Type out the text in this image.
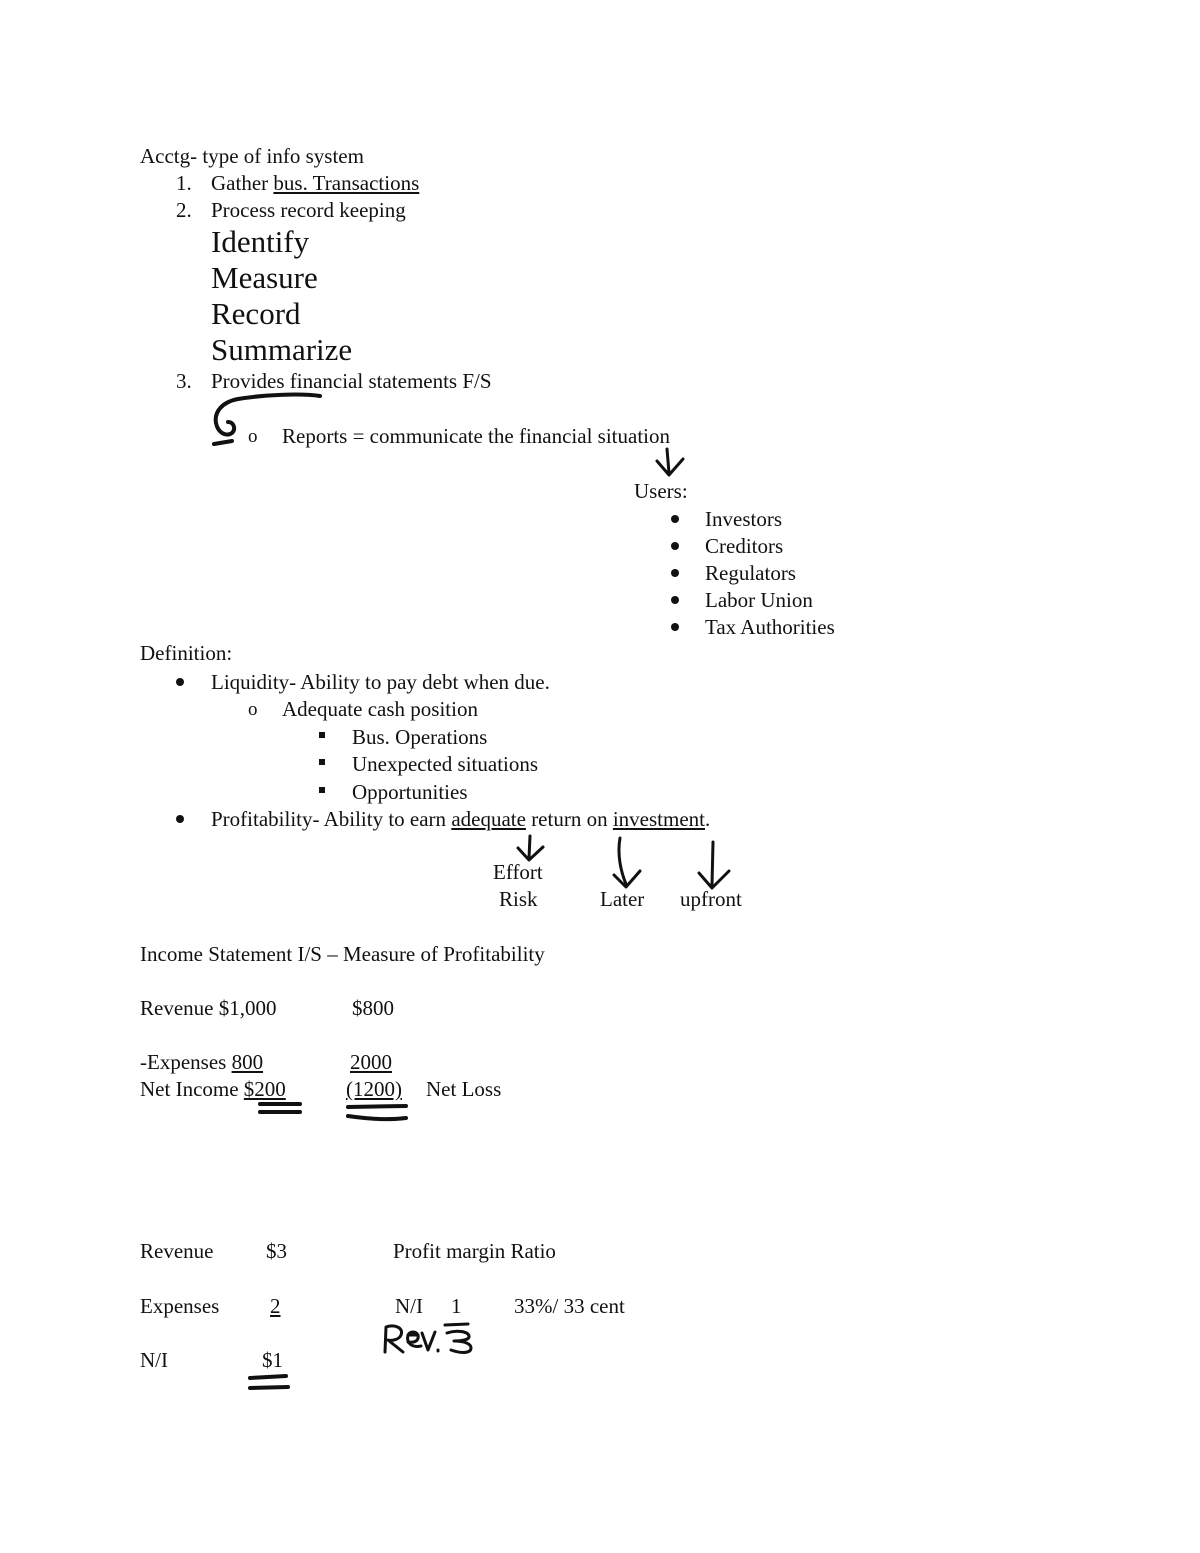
Acctg- type of info system
1. Gather bus. Transactions
2. Process record keeping
Identify
Measure
Record
Summarize
3. Provides financial statements F/S
o Reports = communicate the financial situation
Users:
Investors
Creditors
Regulators
Labor Union
Tax Authorities
Definition:
Liquidity- Ability to pay debt when due.
o Adequate cash position
Bus. Operations
Unexpected situations
Opportunities
Profitability- Ability to earn adequate return on investment.
Effort
Risk	Later upfront
Income Statement I/S – Measure of Profitability
Revenue $1,000	$800
-Expenses 800	2000
Net Income $200	(1200) Net Loss
Revenue	$3	Profit margin Ratio
Expenses 2	N/I 1	33%/ 33 cent
N/I	$1
